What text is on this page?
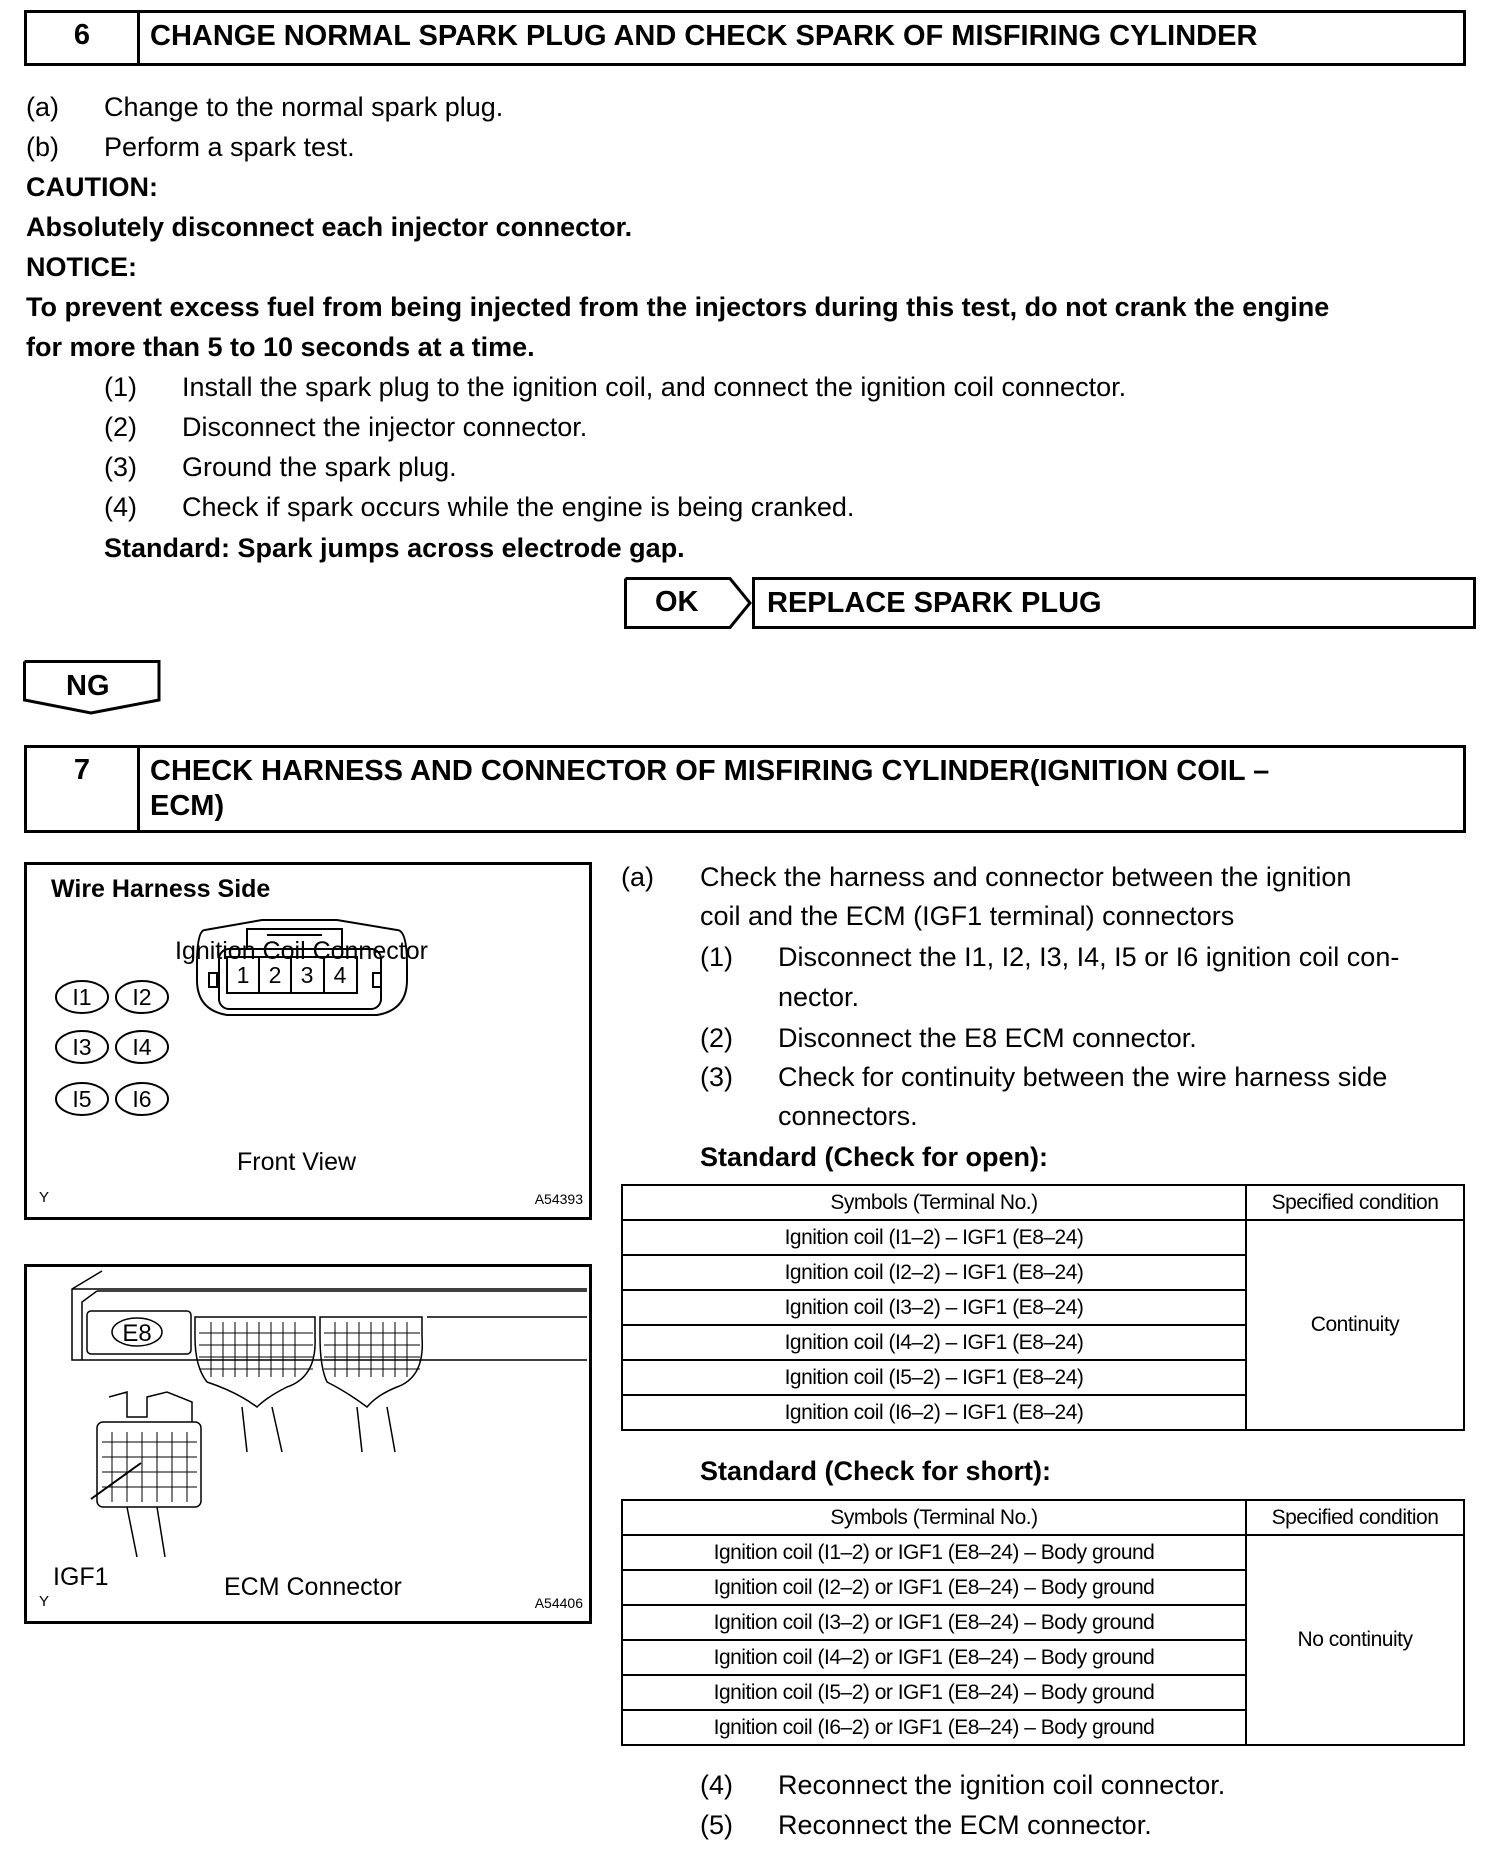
6	CHANGE NORMAL SPARK PLUG AND CHECK SPARK OF MISFIRING CYLINDER
(a) Change to the normal spark plug.
(b) Perform a spark test.
CAUTION:
Absolutely disconnect each injector connector.
NOTICE:
To prevent excess fuel from being injected from the injectors during this test, do not crank the engine
for more than 5 to 10 seconds at a time.
(1) Install the spark plug to the ignition coil, and connect the ignition coil connector.
(2) Disconnect the injector connector.
(3) Ground the spark plug.
(4) Check if spark occurs while the engine is being cranked.
Standard: Spark jumps across electrode gap.
OK	REPLACE SPARK PLUG
NG
7	CHECK HARNESS AND CONNECTOR OF MISFIRING CYLINDER(IGNITION COIL –
ECM)
Wire Harness Side
Ignition Coil Connector
I1 I2
I3 I4
I5 I6
1 2 3 4
Front View
Y	A54393
E8
IGF1	ECM Connector
Y	A54406
(a) Check the harness and connector between the ignition
coil and the ECM (IGF1 terminal) connectors
(1) Disconnect the I1, I2, I3, I4, I5 or I6 ignition coil con-
nector.
(2) Disconnect the E8 ECM connector.
(3) Check for continuity between the wire harness side
connectors.
Standard (Check for open):
Symbols (Terminal No.)	Specified condition
Ignition coil (I1–2) – IGF1 (E8–24)	Continuity
Ignition coil (I2–2) – IGF1 (E8–24)	
Ignition coil (I3–2) – IGF1 (E8–24)	
Ignition coil (I4–2) – IGF1 (E8–24)	
Ignition coil (I5–2) – IGF1 (E8–24)	
Ignition coil (I6–2) – IGF1 (E8–24)	
Standard (Check for short):
Symbols (Terminal No.)	Specified condition
Ignition coil (I1–2) or IGF1 (E8–24) – Body ground	No continuity
Ignition coil (I2–2) or IGF1 (E8–24) – Body ground	
Ignition coil (I3–2) or IGF1 (E8–24) – Body ground	
Ignition coil (I4–2) or IGF1 (E8–24) – Body ground	
Ignition coil (I5–2) or IGF1 (E8–24) – Body ground	
Ignition coil (I6–2) or IGF1 (E8–24) – Body ground	
(4) Reconnect the ignition coil connector.
(5) Reconnect the ECM connector.
